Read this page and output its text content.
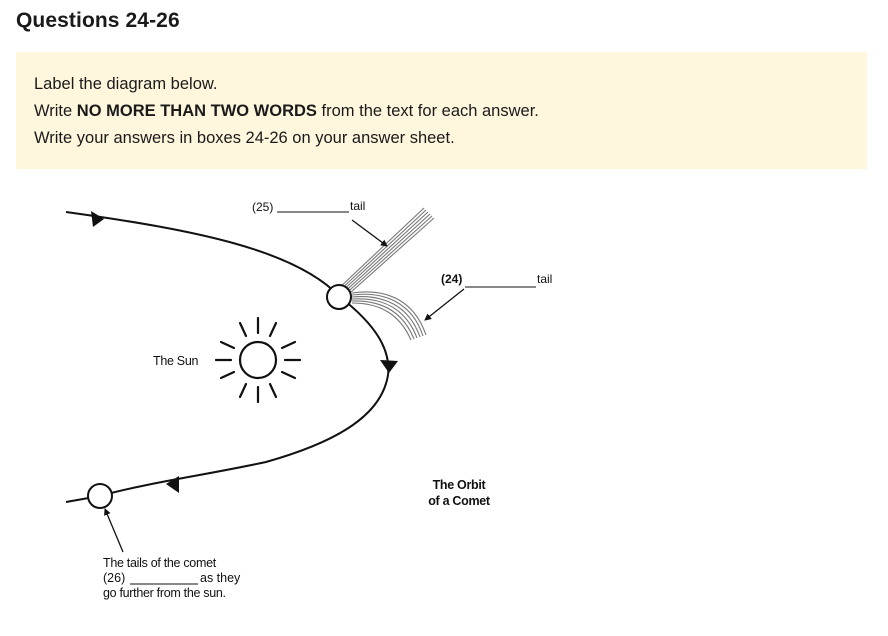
Questions 24-26
Label the diagram below.
Write NO MORE THAN TWO WORDS from the text for each answer.
Write your answers in boxes 24-26 on your answer sheet.
The Sun
(25)	tail
(24)	tail
The Orbit
of a Comet
The tails of the comet
(26)	as they
go further from the sun.
